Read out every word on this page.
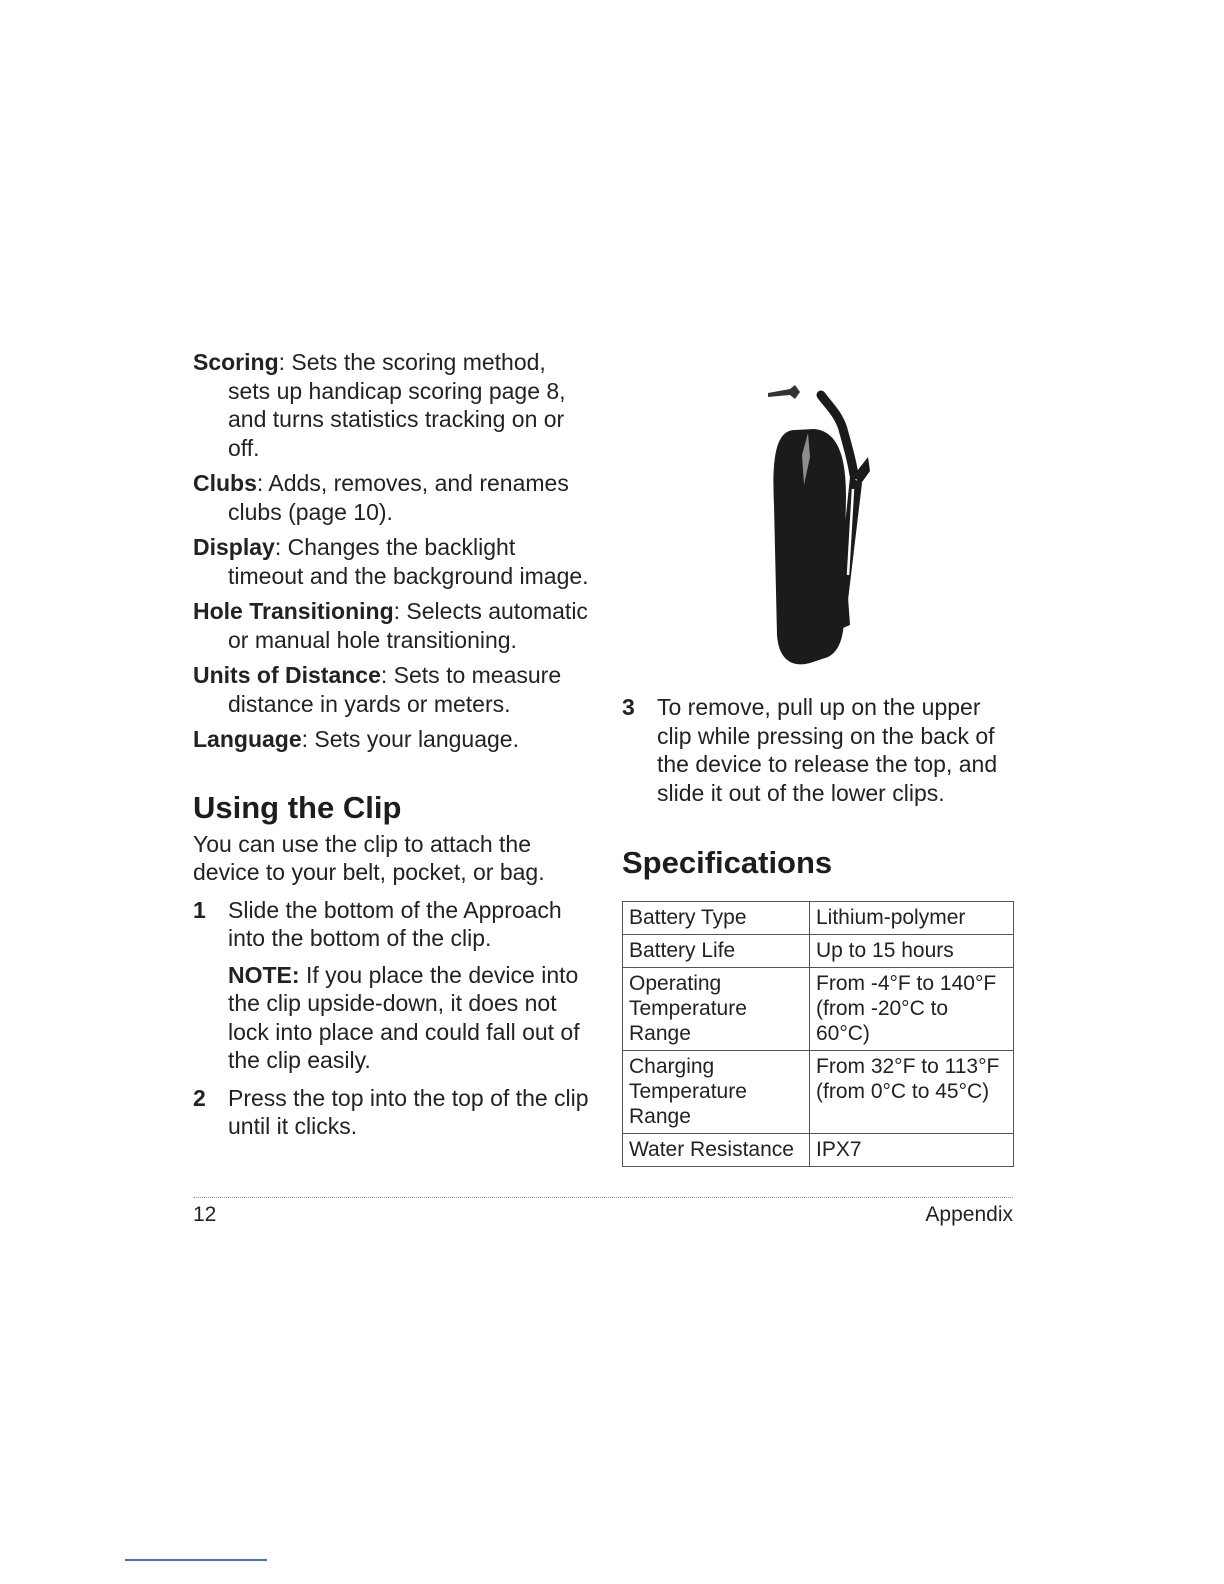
Scoring: Sets the scoring method, sets up handicap scoring page 8, and turns statistics tracking on or off.

Clubs: Adds, removes, and renames clubs (page 10).

Display: Changes the backlight timeout and the background image.

Hole Transitioning: Selects automatic or manual hole transitioning.

Units of Distance: Sets to measure distance in yards or meters.

Language: Sets your language.

Using the Clip

You can use the clip to attach the device to your belt, pocket, or bag.

1 Slide the bottom of the Approach into the bottom of the clip.
NOTE: If you place the device into the clip upside-down, it does not lock into place and could fall out of the clip easily.
2 Press the top into the top of the clip until it clicks.
3 To remove, pull up on the upper clip while pressing on the back of the device to release the top, and slide it out of the lower clips.
Specifications
Battery Type	Lithium-polymer
Battery Life	Up to 15 hours
Operating Temperature Range	From -4°F to 140°F (from -20°C to 60°C)
Charging Temperature Range	From 32°F to 113°F (from 0°C to 45°C)
Water Resistance	IPX7
12	Appendix
